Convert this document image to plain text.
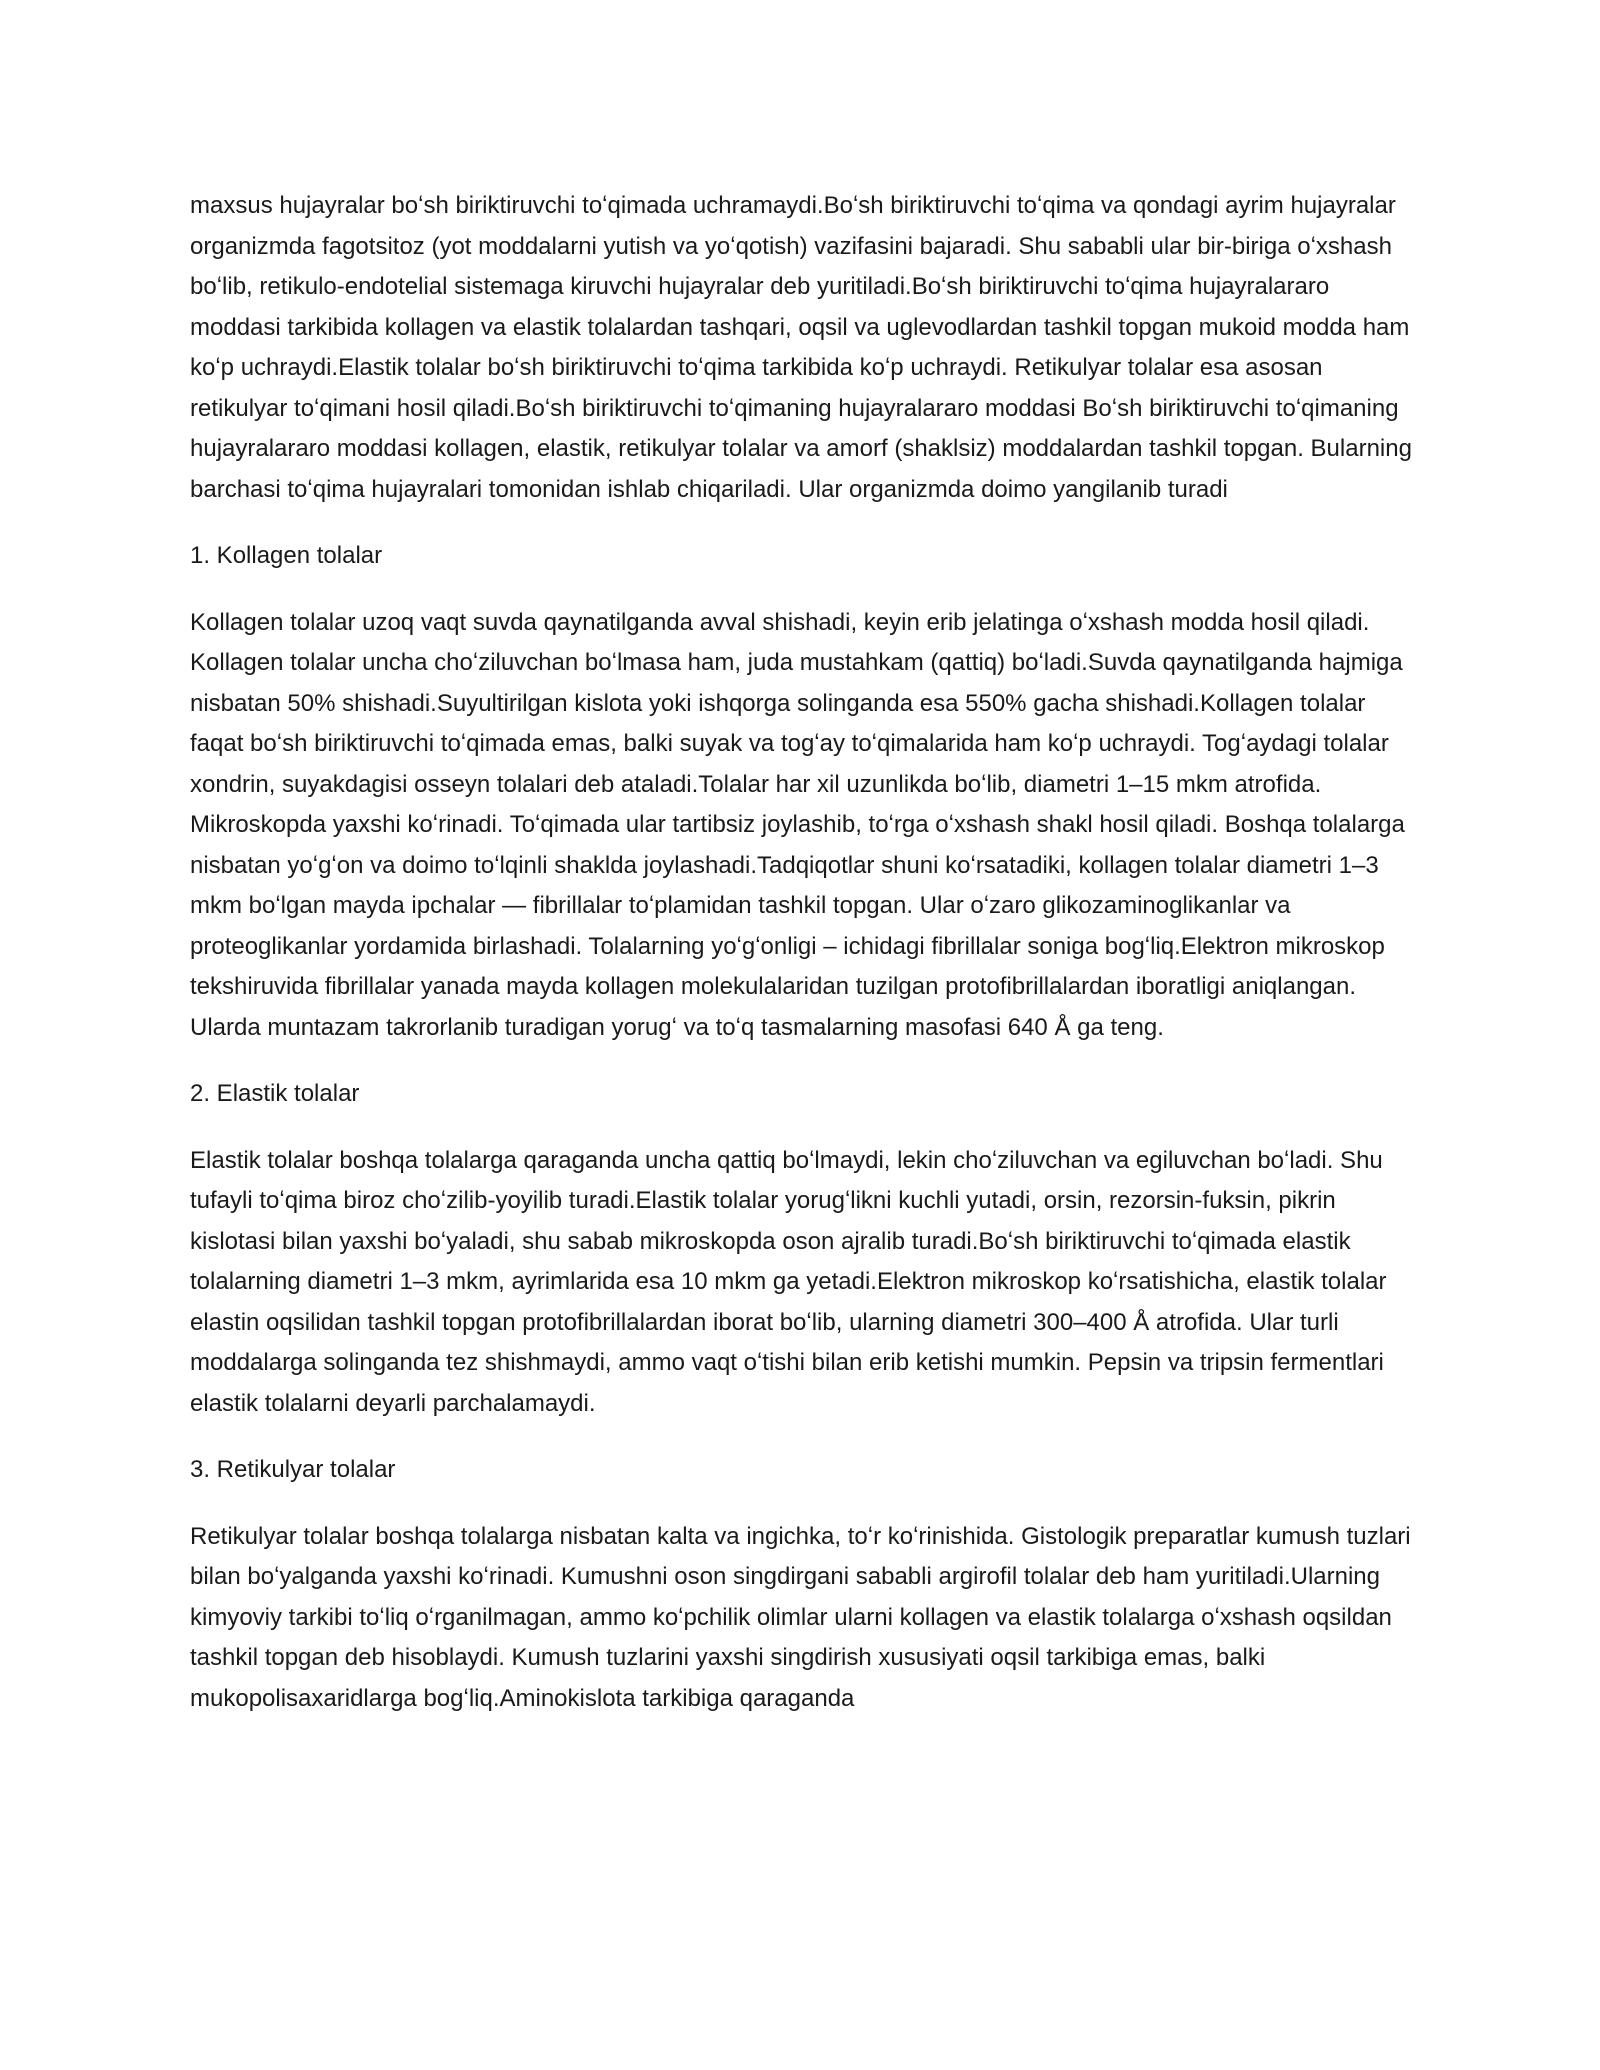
maxsus hujayralar boʻsh biriktiruvchi toʻqimada uchramaydi.Boʻsh biriktiruvchi toʻqima va qondagi ayrim hujayralar organizmda fagotsitoz (yot moddalarni yutish va yoʻqotish) vazifasini bajaradi. Shu sababli ular bir-biriga oʻxshash boʻlib, retikulo-endotelial sistemaga kiruvchi hujayralar deb yuritiladi.Boʻsh biriktiruvchi toʻqima hujayralararo moddasi tarkibida kollagen va elastik tolalardan tashqari, oqsil va uglevodlardan tashkil topgan mukoid modda ham koʻp uchraydi.Elastik tolalar boʻsh biriktiruvchi toʻqima tarkibida koʻp uchraydi. Retikulyar tolalar esa asosan retikulyar toʻqimani hosil qiladi.Boʻsh biriktiruvchi toʻqimaning hujayralararo moddasi Boʻsh biriktiruvchi toʻqimaning hujayralararo moddasi kollagen, elastik, retikulyar tolalar va amorf (shaklsiz) moddalardan tashkil topgan. Bularning barchasi toʻqima hujayralari tomonidan ishlab chiqariladi. Ular organizmda doimo yangilanib turadi

1. Kollagen tolalar

Kollagen tolalar uzoq vaqt suvda qaynatilganda avval shishadi, keyin erib jelatinga oʻxshash modda hosil qiladi. Kollagen tolalar uncha choʻziluvchan boʻlmasa ham, juda mustahkam (qattiq) boʻladi.Suvda qaynatilganda hajmiga nisbatan 50% shishadi.Suyultirilgan kislota yoki ishqorga solinganda esa 550% gacha shishadi.Kollagen tolalar faqat boʻsh biriktiruvchi toʻqimada emas, balki suyak va togʻay toʻqimalarida ham koʻp uchraydi. Togʻaydagi tolalar xondrin, suyakdagisi osseyn tolalari deb ataladi.Tolalar har xil uzunlikda boʻlib, diametri 1–15 mkm atrofida. Mikroskopda yaxshi koʻrinadi. Toʻqimada ular tartibsiz joylashib, toʻrga oʻxshash shakl hosil qiladi. Boshqa tolalarga nisbatan yoʻgʻon va doimo toʻlqinli shaklda joylashadi.Tadqiqotlar shuni koʻrsatadiki, kollagen tolalar diametri 1–3 mkm boʻlgan mayda ipchalar — fibrillalar toʻplamidan tashkil topgan. Ular oʻzaro glikozaminoglikanlar va proteoglikanlar yordamida birlashadi. Tolalarning yoʻgʻonligi – ichidagi fibrillalar soniga bogʻliq.Elektron mikroskop tekshiruvida fibrillalar yanada mayda kollagen molekulalaridan tuzilgan protofibrillalardan iboratligi aniqlangan. Ularda muntazam takrorlanib turadigan yorugʻ va toʻq tasmalarning masofasi 640 Å ga teng.

2. Elastik tolalar

Elastik tolalar boshqa tolalarga qaraganda uncha qattiq boʻlmaydi, lekin choʻziluvchan va egiluvchan boʻladi. Shu tufayli toʻqima biroz choʻzilib-yoyilib turadi.Elastik tolalar yorugʻlikni kuchli yutadi, orsin, rezorsin-fuksin, pikrin kislotasi bilan yaxshi boʻyaladi, shu sabab mikroskopda oson ajralib turadi.Boʻsh biriktiruvchi toʻqimada elastik tolalarning diametri 1–3 mkm, ayrimlarida esa 10 mkm ga yetadi.Elektron mikroskop koʻrsatishicha, elastik tolalar elastin oqsilidan tashkil topgan protofibrillalardan iborat boʻlib, ularning diametri 300–400 Å atrofida. Ular turli moddalarga solinganda tez shishmaydi, ammo vaqt oʻtishi bilan erib ketishi mumkin. Pepsin va tripsin fermentlari elastik tolalarni deyarli parchalamaydi.

3. Retikulyar tolalar

Retikulyar tolalar boshqa tolalarga nisbatan kalta va ingichka, toʻr koʻrinishida. Gistologik preparatlar kumush tuzlari bilan boʻyalganda yaxshi koʻrinadi. Kumushni oson singdirgani sababli argirofil tolalar deb ham yuritiladi.Ularning kimyoviy tarkibi toʻliq oʻrganilmagan, ammo koʻpchilik olimlar ularni kollagen va elastik tolalarga oʻxshash oqsildan tashkil topgan deb hisoblaydi. Kumush tuzlarini yaxshi singdirish xususiyati oqsil tarkibiga emas, balki mukopolisaxaridlarga bogʻliq.Aminokislota tarkibiga qaraganda
